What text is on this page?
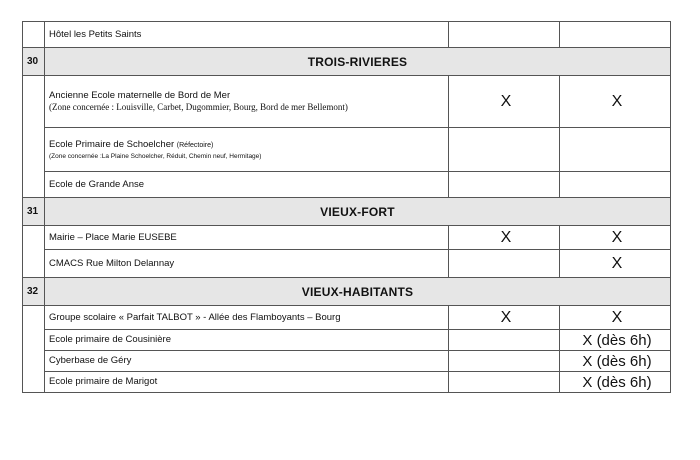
	Hôtel les Petits Saints		

30	TROIS-RIVIERES		

	Ancienne Ecole maternelle de Bord de Mer
(Zone concernée : Louisville, Carbet, Dugommier, Bourg, Bord de mer Bellemont)	X	X

	Ecole Primaire de Schoelcher (Réfectoire)
(Zone concernée :La Plaine Schoelcher, Réduit, Chemin neuf, Hermitage)		

	Ecole de Grande Anse		

31	VIEUX-FORT		

	Mairie – Place Marie EUSEBE	X	X

	CMACS Rue Milton Delannay		X
32	VIEUX-HABITANTS		

	Groupe scolaire « Parfait TALBOT » - Allée des Flamboyants – Bourg	X	X

	Ecole primaire de Cousinière		X (dès 6h)

	Cyberbase de Géry		X (dès 6h)

	Ecole primaire de Marigot		X (dès 6h)
